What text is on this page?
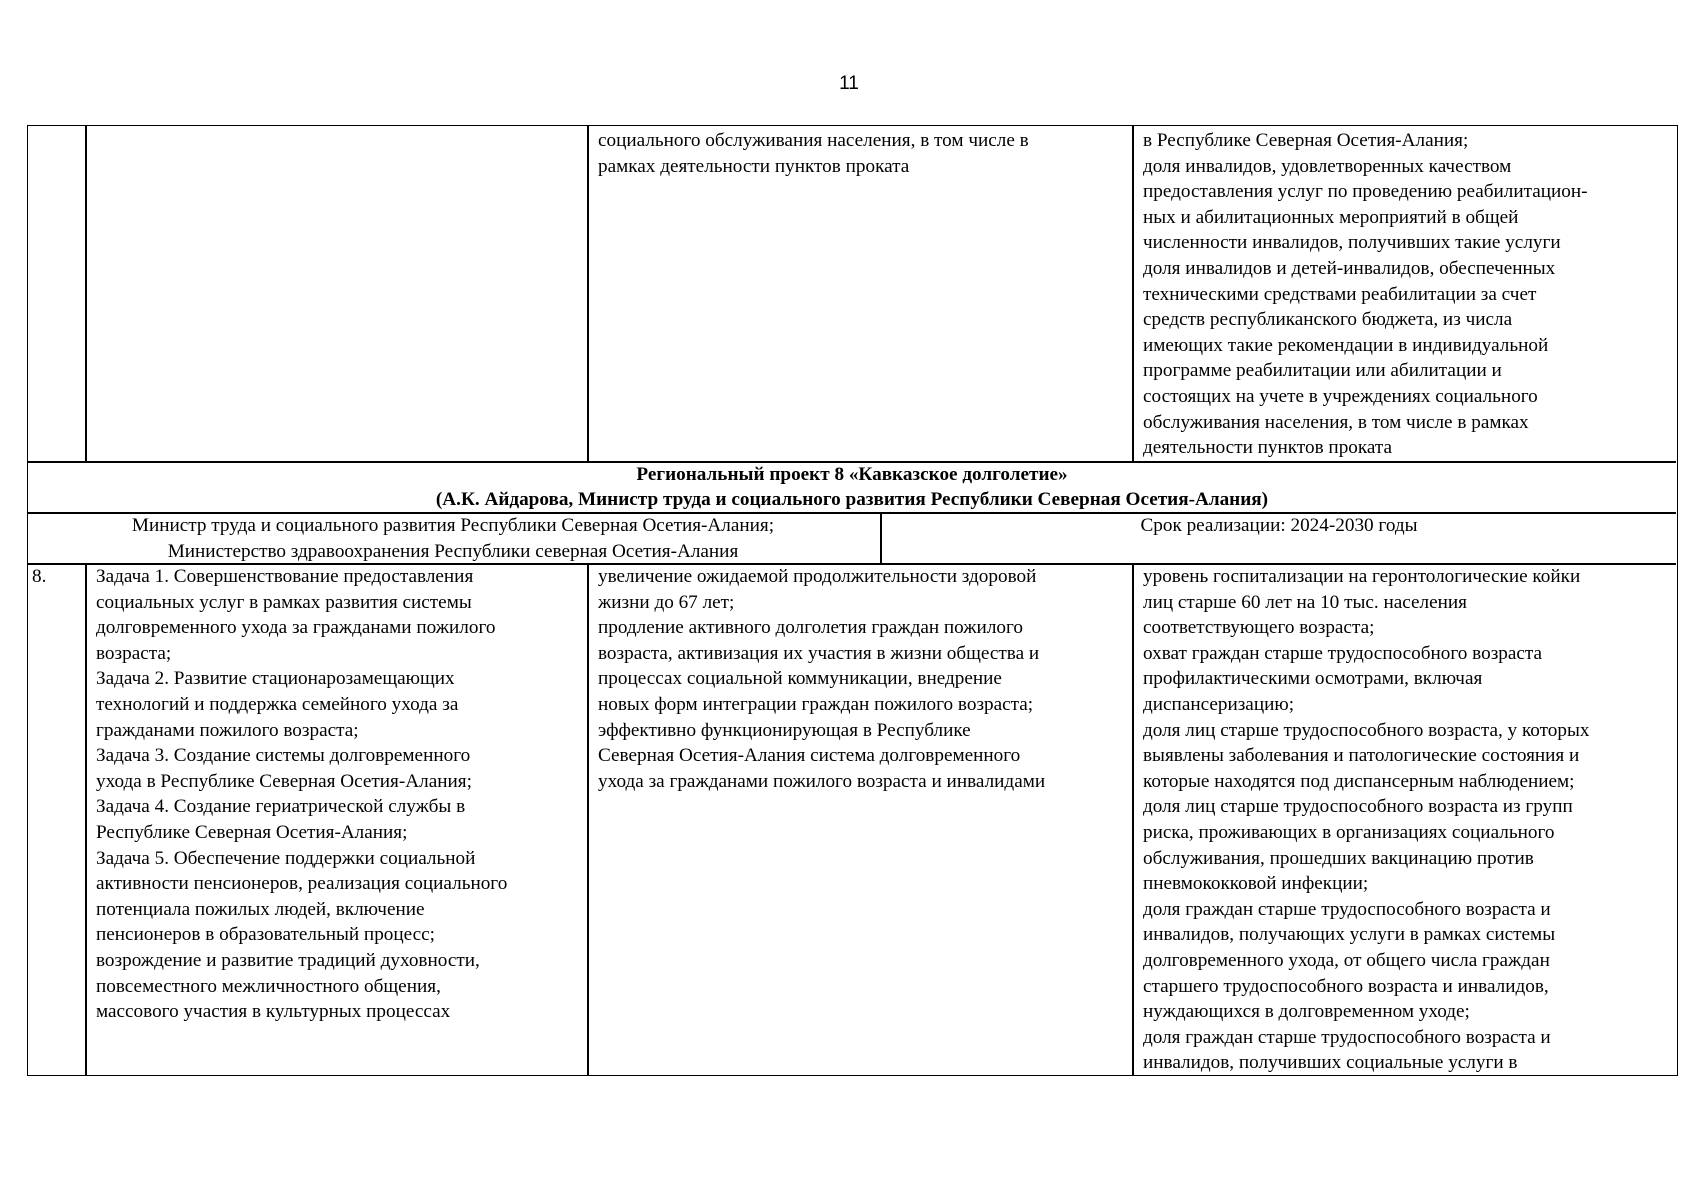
11
социального обслуживания населения, в том числе в
рамках деятельности пунктов проката
в Республике Северная Осетия-Алания;
доля инвалидов, удовлетворенных качеством
предоставления услуг по проведению реабилитацион-
ных и абилитационных мероприятий в общей
численности инвалидов, получивших такие услуги
доля инвалидов и детей-инвалидов, обеспеченных
техническими средствами реабилитации за счет
средств республиканского бюджета, из числа
имеющих такие рекомендации в индивидуальной
программе реабилитации или абилитации и
состоящих на учете в учреждениях социального
обслуживания населения, в том числе в рамках
деятельности пунктов проката
Региональный проект 8 «Кавказское долголетие»
(А.К. Айдарова, Министр труда и социального развития Республики Северная Осетия-Алания)
Министр труда и социального развития Республики Северная Осетия-Алания;
Министерство здравоохранения Республики северная Осетия-Алания
Срок реализации: 2024-2030 годы
8.	Задача 1. Совершенствование предоставления
социальных услуг в рамках развития системы
долговременного ухода за гражданами пожилого
возраста;
Задача 2. Развитие стационарозамещающих
технологий и поддержка семейного ухода за
гражданами пожилого возраста;
Задача 3. Создание системы долговременного
ухода в Республике Северная Осетия-Алания;
Задача 4. Создание гериатрической службы в
Республике Северная Осетия-Алания;
Задача 5. Обеспечение поддержки социальной
активности пенсионеров, реализация социального
потенциала пожилых людей, включение
пенсионеров в образовательный процесс;
возрождение и развитие традиций духовности,
повсеместного межличностного общения,
массового участия в культурных процессах
увеличение ожидаемой продолжительности здоровой
жизни до 67 лет;
продление активного долголетия граждан пожилого
возраста, активизация их участия в жизни общества и
процессах социальной коммуникации, внедрение
новых форм интеграции граждан пожилого возраста;
эффективно функционирующая в Республике
Северная Осетия-Алания система долговременного
ухода за гражданами пожилого возраста и инвалидами
уровень госпитализации на геронтологические койки
лиц старше 60 лет на 10 тыс. населения
соответствующего возраста;
охват граждан старше трудоспособного возраста
профилактическими осмотрами, включая
диспансеризацию;
доля лиц старше трудоспособного возраста, у которых
выявлены заболевания и патологические состояния и
которые находятся под диспансерным наблюдением;
доля лиц старше трудоспособного возраста из групп
риска, проживающих в организациях социального
обслуживания, прошедших вакцинацию против
пневмококковой инфекции;
доля граждан старше трудоспособного возраста и
инвалидов, получающих услуги в рамках системы
долговременного ухода, от общего числа граждан
старшего трудоспособного возраста и инвалидов,
нуждающихся в долговременном уходе;
доля граждан старше трудоспособного возраста и
инвалидов, получивших социальные услуги в
